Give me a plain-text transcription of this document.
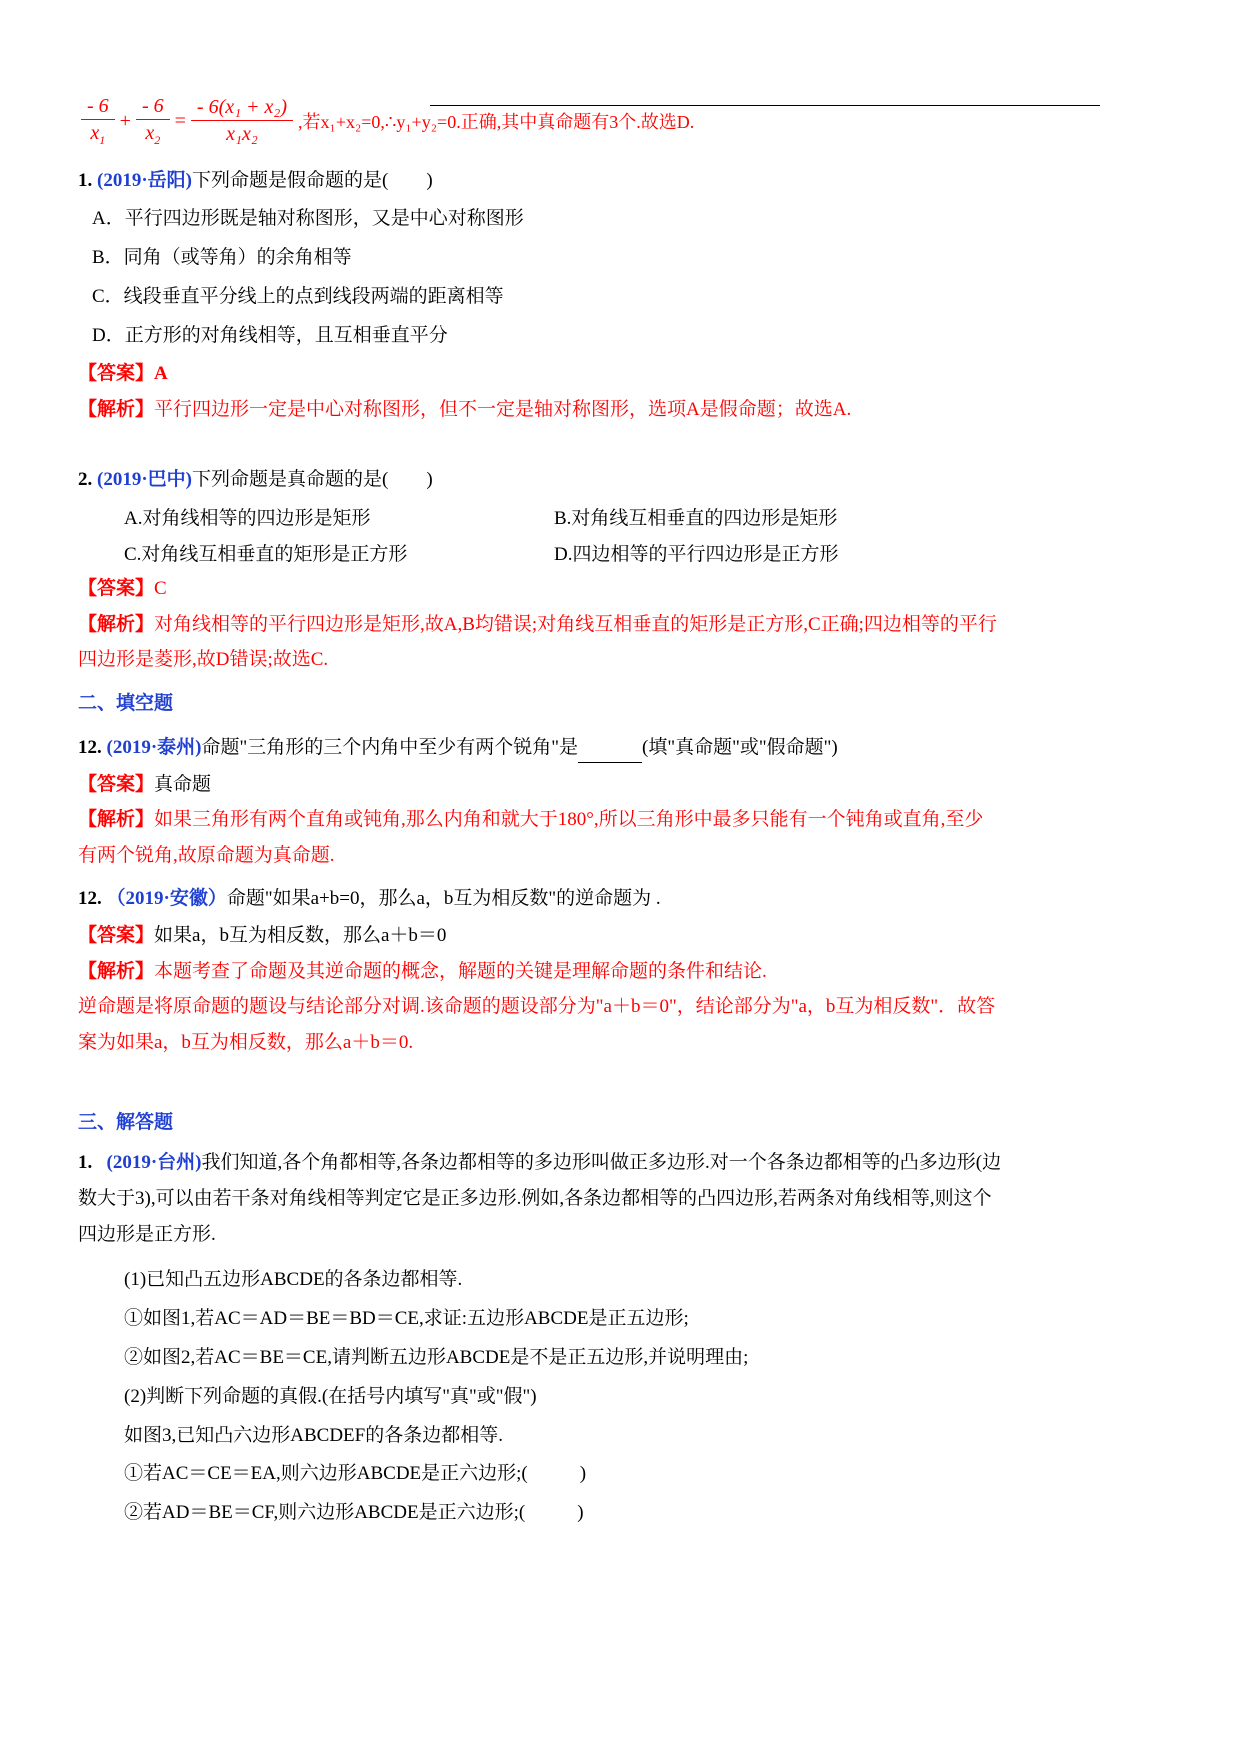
$\frac{- 6}{x_1} + \frac{- 6}{x_2} = \frac{\text{- 6(x₁ + x₂)}}{\text{x₁x₂}}$ ,若x₁+x₂=0,∴y₁+y₂=0.正确,其中真命题有3个.故选D.

1. (2019·岳阳)下列命题是假命题的是(　　)

A．平行四边形既是轴对称图形，又是中心对称图形

B．同角（或等角）的余角相等

C．线段垂直平分线上的点到线段两端的距离相等

D．正方形的对角线相等，且互相垂直平分

【答案】A

【解析】平行四边形一定是中心对称图形，但不一定是轴对称图形，选项A是假命题；故选A.

2. (2019·巴中)下列命题是真命题的是(　　)

A.对角线相等的四边形是矩形	B.对角线互相垂直的四边形是矩形
C.对角线互相垂直的矩形是正方形	D.四边相等的平行四边形是正方形

【答案】C

【解析】对角线相等的平行四边形是矩形,故A,B均错误;对角线互相垂直的矩形是正方形,C正确;四边相等的平行

四边形是菱形,故D错误;故选C.

二、填空题

12. (2019·泰州)命题"三角形的三个内角中至少有两个锐角"是	(填"真命题"或"假命题")

【答案】真命题

【解析】如果三角形有两个直角或钝角,那么内角和就大于180°,所以三角形中最多只能有一个钝角或直角,至少

有两个锐角,故原命题为真命题.

12. （2019·安徽）命题"如果a+b=0，那么a，b互为相反数"的逆命题为 .

【答案】如果a，b互为相反数，那么a＋b＝0

【解析】本题考查了命题及其逆命题的概念，解题的关键是理解命题的条件和结论.

逆命题是将原命题的题设与结论部分对调.该命题的题设部分为"a＋b＝0"，结论部分为"a，b互为相反数"．故答

案为如果a，b互为相反数，那么a＋b＝0.

三、解答题

1. (2019·台州)我们知道,各个角都相等,各条边都相等的多边形叫做正多边形.对一个各条边都相等的凸多边形(边

数大于3),可以由若干条对角线相等判定它是正多边形.例如,各条边都相等的凸四边形,若两条对角线相等,则这个

四边形是正方形.

(1)已知凸五边形ABCDE的各条边都相等.

①如图1,若AC＝AD＝BE＝BD＝CE,求证:五边形ABCDE是正五边形;

②如图2,若AC＝BE＝CE,请判断五边形ABCDE是不是正五边形,并说明理由;

(2)判断下列命题的真假.(在括号内填写"真"或"假")

如图3,已知凸六边形ABCDEF的各条边都相等.

①若AC＝CE＝EA,则六边形ABCDE是正六边形;(	)

②若AD＝BE＝CF,则六边形ABCDE是正六边形;(	)
